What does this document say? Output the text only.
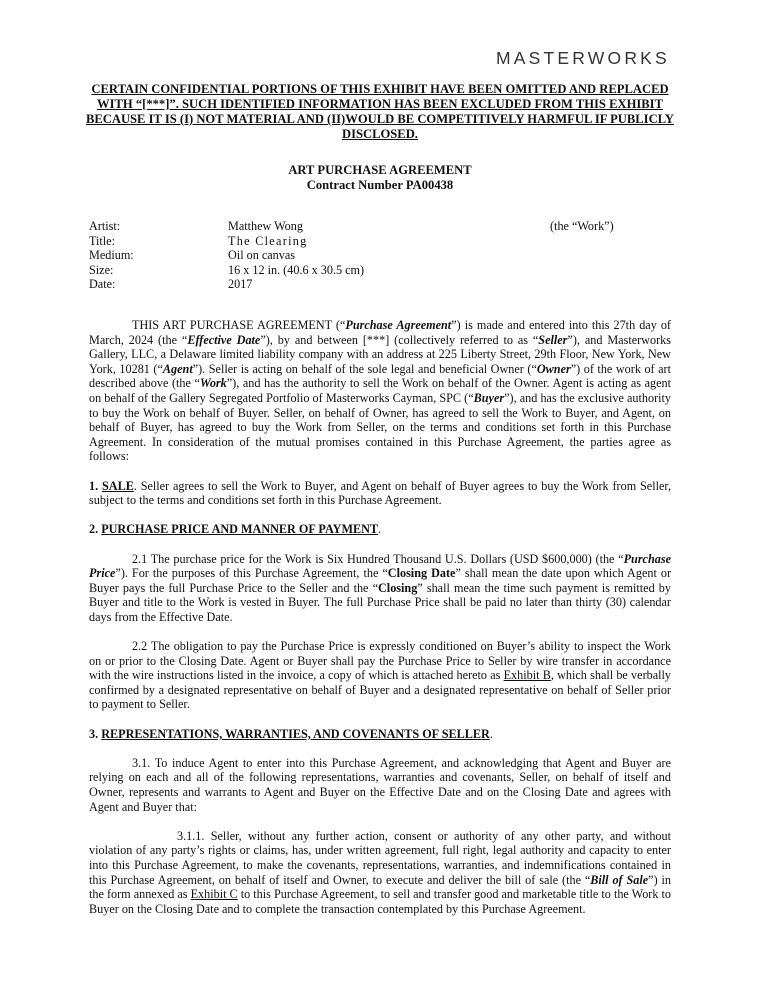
MASTERWORKS
CERTAIN CONFIDENTIAL PORTIONS OF THIS EXHIBIT HAVE BEEN OMITTED AND REPLACED WITH “[***]”. SUCH IDENTIFIED INFORMATION HAS BEEN EXCLUDED FROM THIS EXHIBIT BECAUSE IT IS (I) NOT MATERIAL AND (II)WOULD BE COMPETITIVELY HARMFUL IF PUBLICLY DISCLOSED.
ART PURCHASE AGREEMENT
Contract Number PA00438
Artist:	Matthew Wong	(the “Work”)
Title:	The Clearing
Medium:	Oil on canvas
Size:	16 x 12 in. (40.6 x 30.5 cm)
Date:	2017

THIS ART PURCHASE AGREEMENT (“Purchase Agreement”) is made and entered into this 27th day of March, 2024 (the “Effective Date”), by and between [***] (collectively referred to as “Seller”), and Masterworks Gallery, LLC, a Delaware limited liability company with an address at 225 Liberty Street, 29th Floor, New York, New York, 10281 (“Agent”). Seller is acting on behalf of the sole legal and beneficial Owner (“Owner”) of the work of art described above (the “Work”), and has the authority to sell the Work on behalf of the Owner. Agent is acting as agent on behalf of the Gallery Segregated Portfolio of Masterworks Cayman, SPC (“Buyer”), and has the exclusive authority to buy the Work on behalf of Buyer. Seller, on behalf of Owner, has agreed to sell the Work to Buyer, and Agent, on behalf of Buyer, has agreed to buy the Work from Seller, on the terms and conditions set forth in this Purchase Agreement. In consideration of the mutual promises contained in this Purchase Agreement, the parties agree as follows:

1. SALE. Seller agrees to sell the Work to Buyer, and Agent on behalf of Buyer agrees to buy the Work from Seller, subject to the terms and conditions set forth in this Purchase Agreement.

2. PURCHASE PRICE AND MANNER OF PAYMENT.

2.1 The purchase price for the Work is Six Hundred Thousand U.S. Dollars (USD $600,000) (the “Purchase Price”). For the purposes of this Purchase Agreement, the “Closing Date” shall mean the date upon which Agent or Buyer pays the full Purchase Price to the Seller and the “Closing” shall mean the time such payment is remitted by Buyer and title to the Work is vested in Buyer. The full Purchase Price shall be paid no later than thirty (30) calendar days from the Effective Date.

2.2 The obligation to pay the Purchase Price is expressly conditioned on Buyer’s ability to inspect the Work on or prior to the Closing Date. Agent or Buyer shall pay the Purchase Price to Seller by wire transfer in accordance with the wire instructions listed in the invoice, a copy of which is attached hereto as Exhibit B, which shall be verbally confirmed by a designated representative on behalf of Buyer and a designated representative on behalf of Seller prior to payment to Seller.

3. REPRESENTATIONS, WARRANTIES, AND COVENANTS OF SELLER.

3.1. To induce Agent to enter into this Purchase Agreement, and acknowledging that Agent and Buyer are relying on each and all of the following representations, warranties and covenants, Seller, on behalf of itself and Owner, represents and warrants to Agent and Buyer on the Effective Date and on the Closing Date and agrees with Agent and Buyer that:

3.1.1. Seller, without any further action, consent or authority of any other party, and without violation of any party’s rights or claims, has, under written agreement, full right, legal authority and capacity to enter into this Purchase Agreement, to make the covenants, representations, warranties, and indemnifications contained in this Purchase Agreement, on behalf of itself and Owner, to execute and deliver the bill of sale (the “Bill of Sale”) in the form annexed as Exhibit C to this Purchase Agreement, to sell and transfer good and marketable title to the Work to Buyer on the Closing Date and to complete the transaction contemplated by this Purchase Agreement.
